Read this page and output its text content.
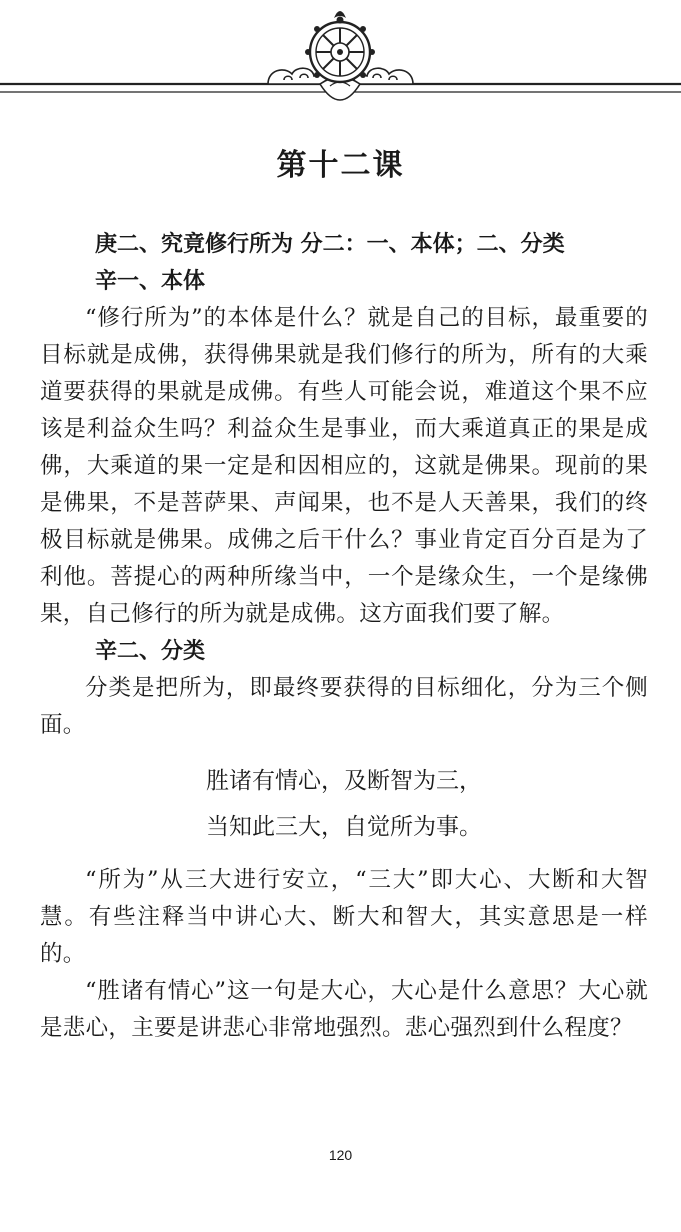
第十二课

庚二、究竟修行所为 分二：一、本体；二、分类

辛一、本体

“修行所为”的本体是什么？就是自己的目标，最重要的目标就是成佛，获得佛果就是我们修行的所为，所有的大乘道要获得的果就是成佛。有些人可能会说，难道这个果不应该是利益众生吗？利益众生是事业，而大乘道真正的果是成佛，大乘道的果一定是和因相应的，这就是佛果。现前的果是佛果，不是菩萨果、声闻果，也不是人天善果，我们的终极目标就是佛果。成佛之后干什么？事业肯定百分百是为了利他。菩提心的两种所缘当中，一个是缘众生，一个是缘佛果，自己修行的所为就是成佛。这方面我们要了解。

辛二、分类

分类是把所为，即最终要获得的目标细化，分为三个侧面。

胜诸有情心，及断智为三，

当知此三大，自觉所为事。

“所为”从三大进行安立，“三大”即大心、大断和大智慧。有些注释当中讲心大、断大和智大，其实意思是一样的。

“胜诸有情心”这一句是大心，大心是什么意思？大心就是悲心，主要是讲悲心非常地强烈。悲心强烈到什么程度？

120
